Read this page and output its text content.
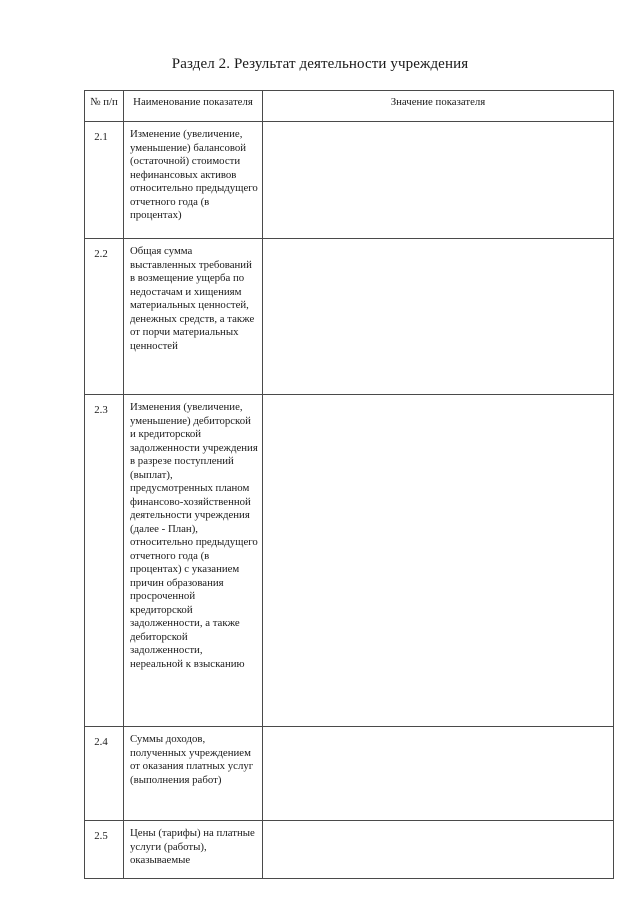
Раздел 2. Результат деятельности учреждения
№ п/п	Наименование показателя	Значение показателя
2.1	Изменение (увеличение, уменьшение) балансовой (остаточной) стоимости нефинансовых активов относительно предыдущего отчетного года (в процентах)	
2.2	Общая сумма выставленных требований в возмещение ущерба по недостачам и хищениям материальных ценностей, денежных средств, а также от порчи материальных ценностей	
2.3	Изменения (увеличение, уменьшение) дебиторской и кредиторской задолженности учреждения в разрезе поступлений (выплат), предусмотренных планом финансово-хозяйственной деятельности учреждения (далее - План), относительно предыдущего отчетного года (в процентах) с указанием причин образования просроченной кредиторской задолженности, а также дебиторской задолженности, нереальной к взысканию	
2.4	Суммы доходов, полученных учреждением от оказания платных услуг (выполнения работ)	
2.5	Цены (тарифы) на платные услуги (работы), оказываемые	
